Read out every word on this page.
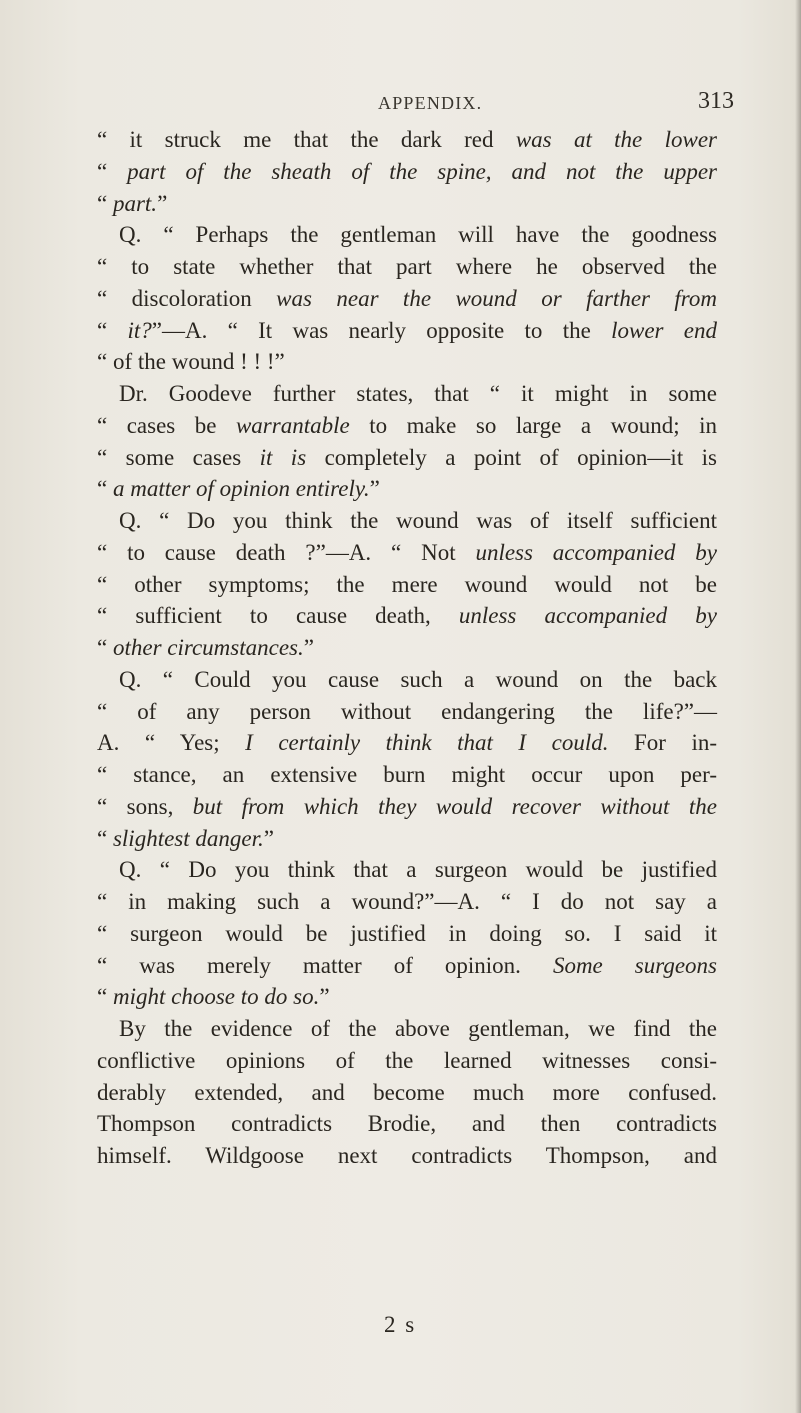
APPENDIX.	313
“ it struck me that the dark red was at the lower
“ part of the sheath of the spine, and not the upper
“ part.”
Q. “ Perhaps the gentleman will have the goodness
“ to state whether that part where he observed the
“ discoloration was near the wound or farther from
“ it?”—A. “ It was nearly opposite to the lower end
“ of the wound ! ! !”
Dr. Goodeve further states, that “ it might in some
“ cases be warrantable to make so large a wound; in
“ some cases it is completely a point of opinion—it is
“ a matter of opinion entirely.”
Q. “ Do you think the wound was of itself sufficient
“ to cause death ?”—A. “ Not unless accompanied by
“ other symptoms; the mere wound would not be
“ sufficient to cause death, unless accompanied by
“ other circumstances.”
Q. “ Could you cause such a wound on the back
“ of any person without endangering the life?”—
A. “ Yes; I certainly think that I could. For in-
“ stance, an extensive burn might occur upon per-
“ sons, but from which they would recover without the
“ slightest danger.”
Q. “ Do you think that a surgeon would be justified
“ in making such a wound?”—A. “ I do not say a
“ surgeon would be justified in doing so. I said it
“ was merely matter of opinion. Some surgeons
“ might choose to do so.”
By the evidence of the above gentleman, we find the
conflictive opinions of the learned witnesses consi-
derably extended, and become much more confused.
Thompson contradicts Brodie, and then contradicts
himself. Wildgoose next contradicts Thompson, and
2 s
